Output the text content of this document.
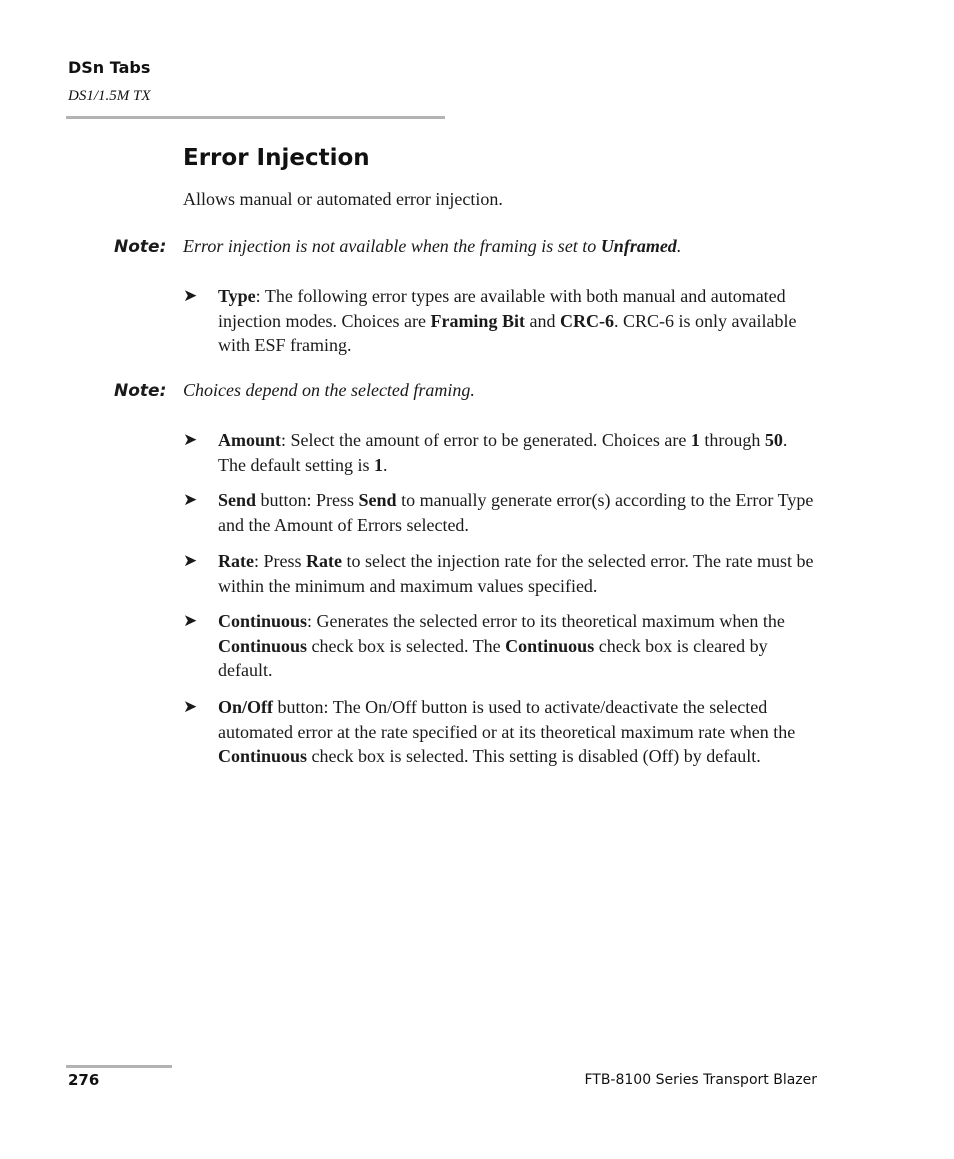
DSn Tabs
DS1/1.5M TX
Error Injection
Allows manual or automated error injection.
Note: Error injection is not available when the framing is set to Unframed.
➤ Type: The following error types are available with both manual and automated injection modes. Choices are Framing Bit and CRC-6. CRC-6 is only available with ESF framing.
Note: Choices depend on the selected framing.
➤ Amount: Select the amount of error to be generated. Choices are 1 through 50. The default setting is 1.
➤ Send button: Press Send to manually generate error(s) according to the Error Type and the Amount of Errors selected.
➤ Rate: Press Rate to select the injection rate for the selected error. The rate must be within the minimum and maximum values specified.
➤ Continuous: Generates the selected error to its theoretical maximum when the Continuous check box is selected. The Continuous check box is cleared by default.
➤ On/Off button: The On/Off button is used to activate/deactivate the selected automated error at the rate specified or at its theoretical maximum rate when the Continuous check box is selected. This setting is disabled (Off) by default.
276	FTB-8100 Series Transport Blazer
